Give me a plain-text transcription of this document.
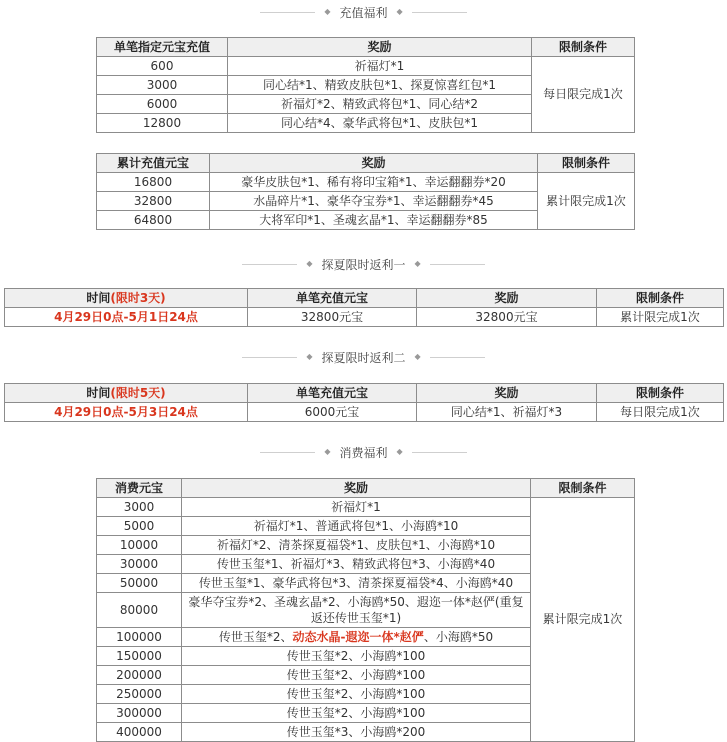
◆ 充值福利 ◆
单笔指定元宝充值	奖励	限制条件
600	祈福灯*1	每日限完成1次
3000	同心结*1、精致皮肤包*1、探夏惊喜红包*1	
6000	祈福灯*2、精致武将包*1、同心结*2	
12800	同心结*4、豪华武将包*1、皮肤包*1	
累计充值元宝	奖励	限制条件
16800	豪华皮肤包*1、稀有将印宝箱*1、幸运翻翻券*20	累计限完成1次
32800	水晶碎片*1、豪华夺宝券*1、幸运翻翻券*45	
64800	大将军印*1、圣魂玄晶*1、幸运翻翻券*85	
◆ 探夏限时返利一 ◆
时间(限时3天)	单笔充值元宝	奖励	限制条件
4月29日0点-5月1日24点	32800元宝	32800元宝	累计限完成1次
◆ 探夏限时返利二 ◆
时间(限时5天)	单笔充值元宝	奖励	限制条件
4月29日0点-5月3日24点	6000元宝	同心结*1、祈福灯*3	每日限完成1次
◆ 消费福利 ◆
消费元宝	奖励	限制条件
3000	祈福灯*1	累计限完成1次
5000	祈福灯*1、普通武将包*1、小海鸥*10	
10000	祈福灯*2、清茶探夏福袋*1、皮肤包*1、小海鸥*10	
30000	传世玉玺*1、祈福灯*3、精致武将包*3、小海鸥*40	
50000	传世玉玺*1、豪华武将包*3、清茶探夏福袋*4、小海鸥*40	
80000	豪华夺宝券*2、圣魂玄晶*2、小海鸥*50、遐迩一体*赵俨(重复返还传世玉玺*1)	
100000	传世玉玺*2、动态水晶-遐迩一体*赵俨、小海鸥*50	
150000	传世玉玺*2、小海鸥*100	
200000	传世玉玺*2、小海鸥*100	
250000	传世玉玺*2、小海鸥*100	
300000	传世玉玺*2、小海鸥*100	
400000	传世玉玺*3、小海鸥*200	
